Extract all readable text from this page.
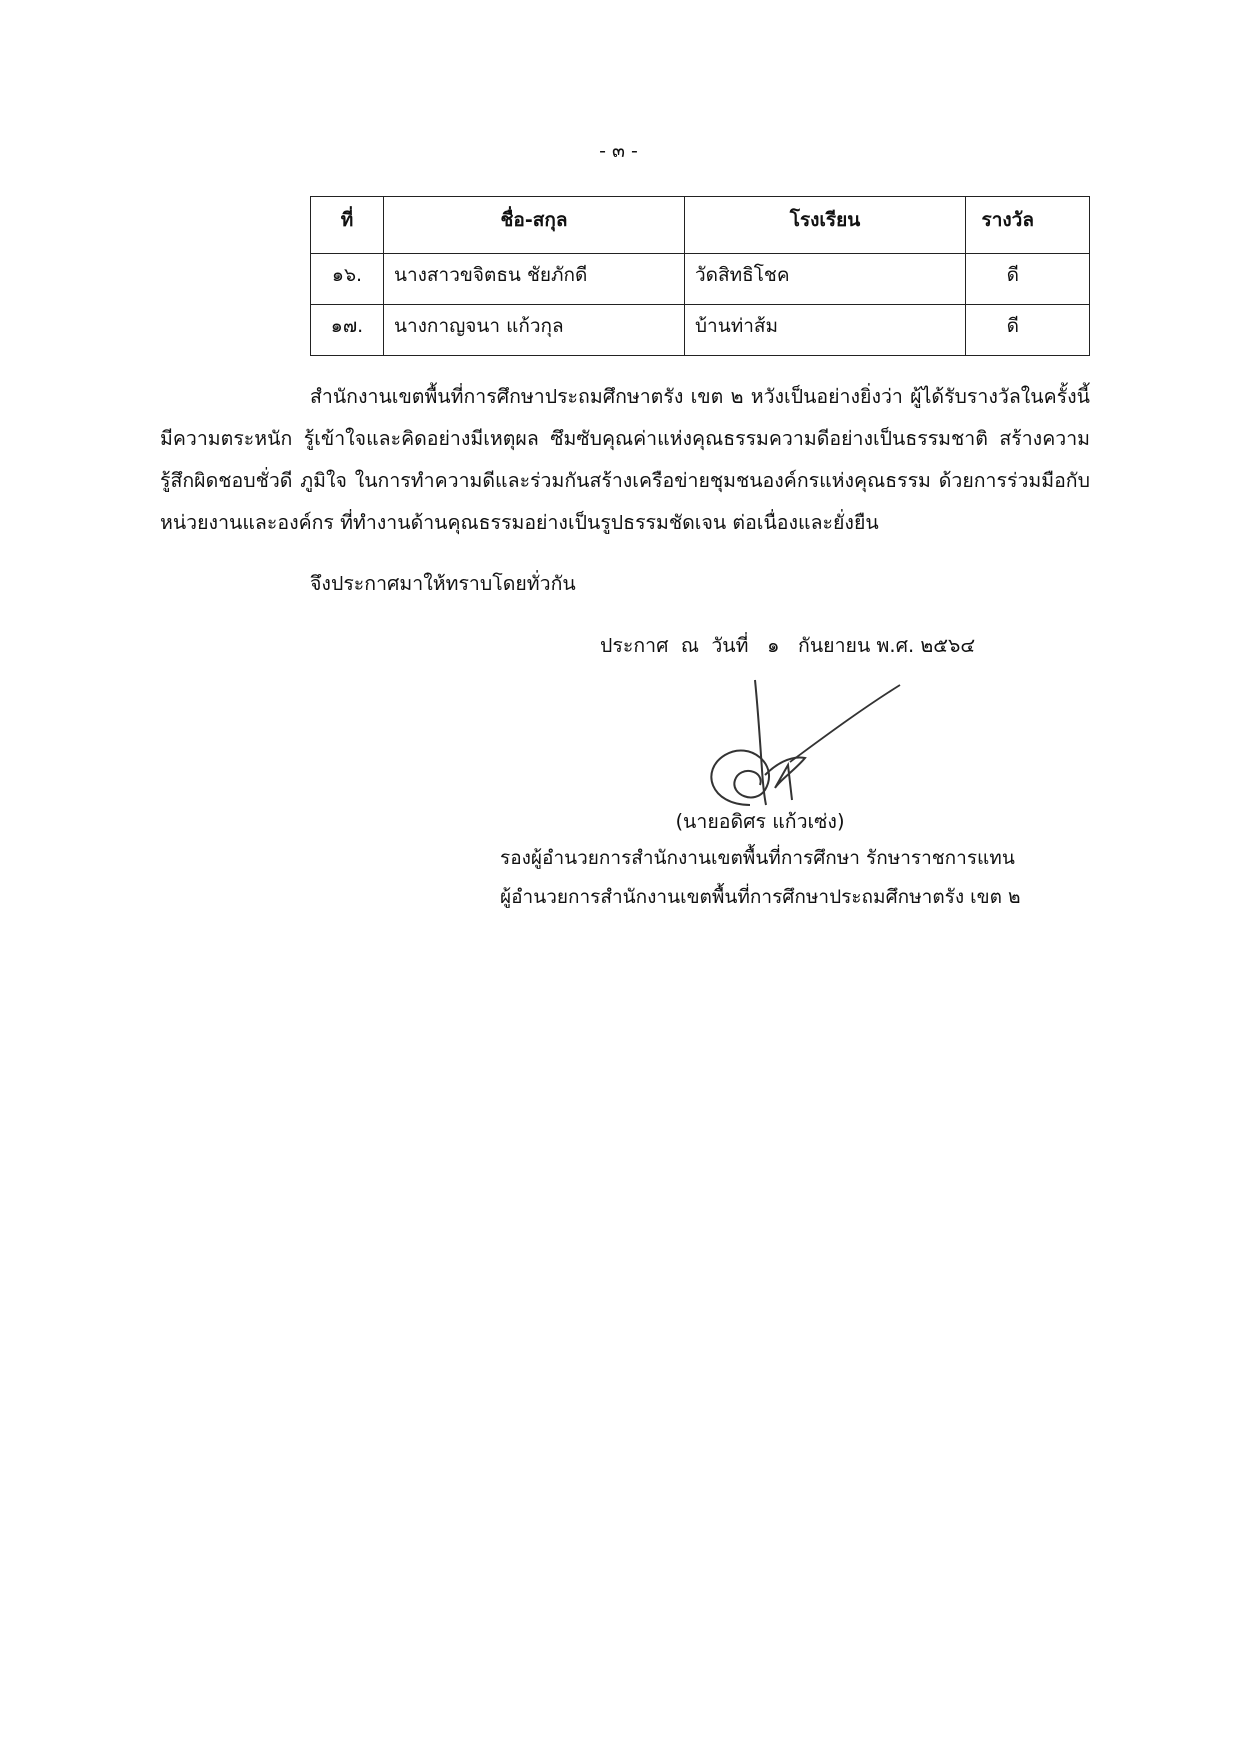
- ๓ -
ที่	ชื่อ-สกุล	โรงเรียน	รางวัล
๑๖.	นางสาวขจิตธน ชัยภักดี	วัดสิทธิโชค	ดี
๑๗.	นางกาญจนา แก้วกุล	บ้านท่าส้ม	ดี

สำนักงานเขตพื้นที่การศึกษาประถมศึกษาตรัง เขต ๒ หวังเป็นอย่างยิ่งว่า ผู้ได้รับรางวัลในครั้งนี้ มีความตระหนัก รู้เข้าใจและคิดอย่างมีเหตุผล ซึมซับคุณค่าแห่งคุณธรรมความดีอย่างเป็นธรรมชาติ สร้างความรู้สึกผิดชอบชั่วดี ภูมิใจ ในการทำความดีและร่วมกันสร้างเครือข่ายชุมชนองค์กรแห่งคุณธรรม ด้วยการร่วมมือกับหน่วยงานและองค์กร ที่ทำงานด้านคุณธรรมอย่างเป็นรูปธรรมชัดเจน ต่อเนื่องและยั่งยืน

จึงประกาศมาให้ทราบโดยทั่วกัน
ประกาศ  ณ  วันที่   ๑   กันยายน พ.ศ. ๒๕๖๔
(นายอดิศร แก้วเซ่ง)
รองผู้อำนวยการสำนักงานเขตพื้นที่การศึกษา รักษาราชการแทน
ผู้อำนวยการสำนักงานเขตพื้นที่การศึกษาประถมศึกษาตรัง เขต ๒
